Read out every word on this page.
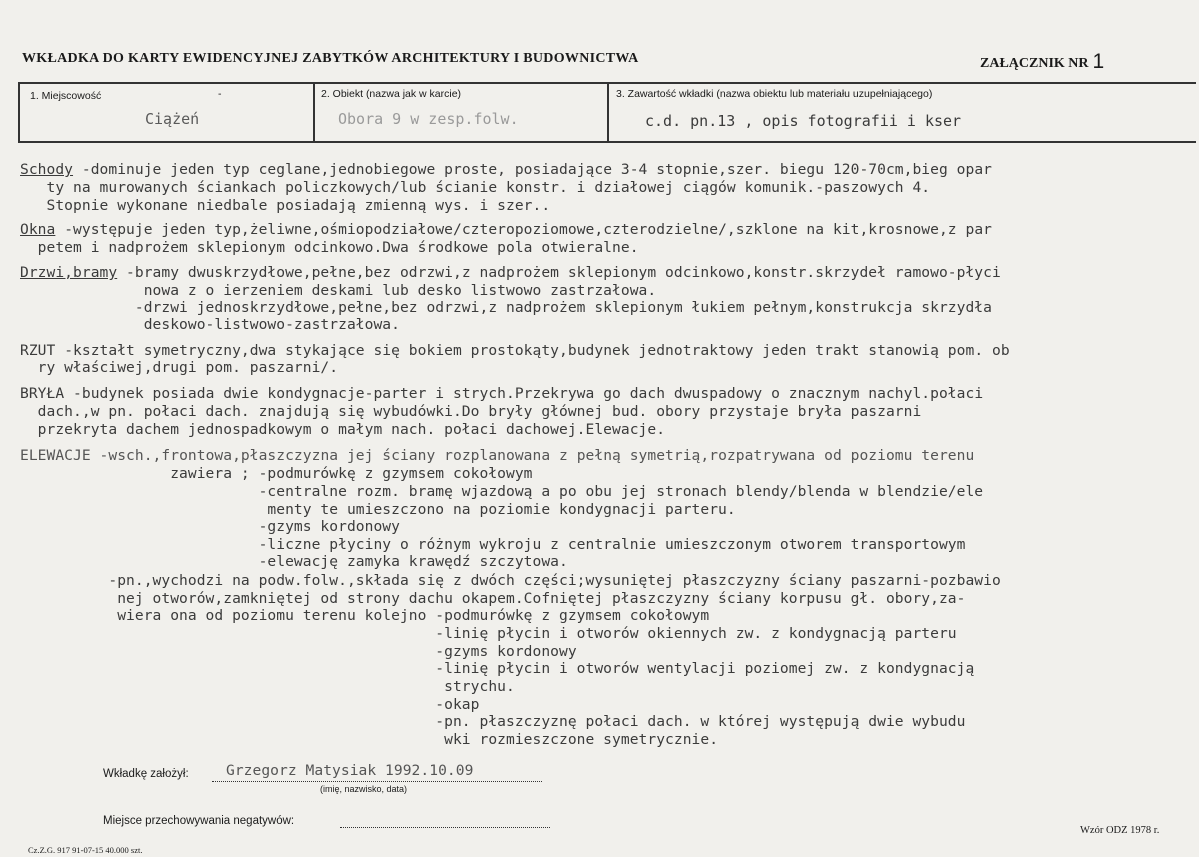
WKŁADKA DO KARTY EWIDENCYJNEJ ZABYTKÓW ARCHITEKTURY I BUDOWNICTWA	ZAŁĄCZNIK NR 1
1. Miejscowość	-
Ciążeń
2. Obiekt (nazwa jak w karcie)
Obora 9 w zesp.folw.
3. Zawartość wkładki (nazwa obiektu lub materiału uzupełniającego)
c.d. pn.13 , opis fotografii i kser
Schody -dominuje jeden typ ceglane,jednobiegowe proste, posiadające 3-4 stopnie,szer. biegu 120-70cm,bieg opar
ty na murowanych ściankach policzkowych/lub ścianie konstr. i działowej ciągów komunik.-paszowych 4.
Stopnie wykonane niedbale posiadają zmienną wys. i szer..
Okna -występuje jeden typ,żeliwne,ośmiopodziałowe/czteropoziomowe,czterodzielne/,szklone na kit,krosnowe,z par
petem i nadprożem sklepionym odcinkowo.Dwa środkowe pola otwieralne.
Drzwi,bramy -bramy dwuskrzydłowe,pełne,bez odrzwi,z nadprożem sklepionym odcinkowo,konstr.skrzydeł ramowo-płyci
nowa z o ierzeniem deskami lub desko listwowo zastrzałowa.
-drzwi jednoskrzydłowe,pełne,bez odrzwi,z nadprożem sklepionym łukiem pełnym,konstrukcja skrzydła
deskowo-listwowo-zastrzałowa.
RZUT -kształt symetryczny,dwa stykające się bokiem prostokąty,budynek jednotraktowy jeden trakt stanowią pom. ob
ry właściwej,drugi pom. paszarni/.
BRYŁA -budynek posiada dwie kondygnacje-parter i strych.Przekrywa go dach dwuspadowy o znacznym nachyl.połaci
dach.,w pn. połaci dach. znajdują się wybudówki.Do bryły głównej bud. obory przystaje bryła paszarni
przekryta dachem jednospadkowym o małym nach. połaci dachowej.Elewacje.
ELEWACJE -wsch.,frontowa,płaszczyzna jej ściany rozplanowana z pełną symetrią,rozpatrywana od poziomu terenu
zawiera ; -podmurówkę z gzymsem cokołowym
-centralne rozm. bramę wjazdową a po obu jej stronach blendy/blenda w blendzie/ele
menty te umieszczono na poziomie kondygnacji parteru.
-gzyms kordonowy
-liczne płyciny o różnym wykroju z centralnie umieszczonym otworem transportowym
-elewację zamyka krawędź szczytowa.
-pn.,wychodzi na podw.folw.,składa się z dwóch części;wysuniętej płaszczyzny ściany paszarni-pozbawio
nej otworów,zamkniętej od strony dachu okapem.Cofniętej płaszczyzny ściany korpusu gł. obory,za-
wiera ona od poziomu terenu kolejno -podmurówkę z gzymsem cokołowym
-linię płycin i otworów okiennych zw. z kondygnacją parteru
-gzyms kordonowy
-linię płycin i otworów wentylacji poziomej zw. z kondygnacją
strychu.
-okap
-pn. płaszczyznę połaci dach. w której występują dwie wybudu
wki rozmieszczone symetrycznie.
Wkładkę założył:	Grzegorz Matysiak 1992.10.09
(imię, nazwisko, data)
Miejsce przechowywania negatywów:
Cz.Z.G. 917 91-07-15 40.000 szt.
Wzór ODZ 1978 r.
